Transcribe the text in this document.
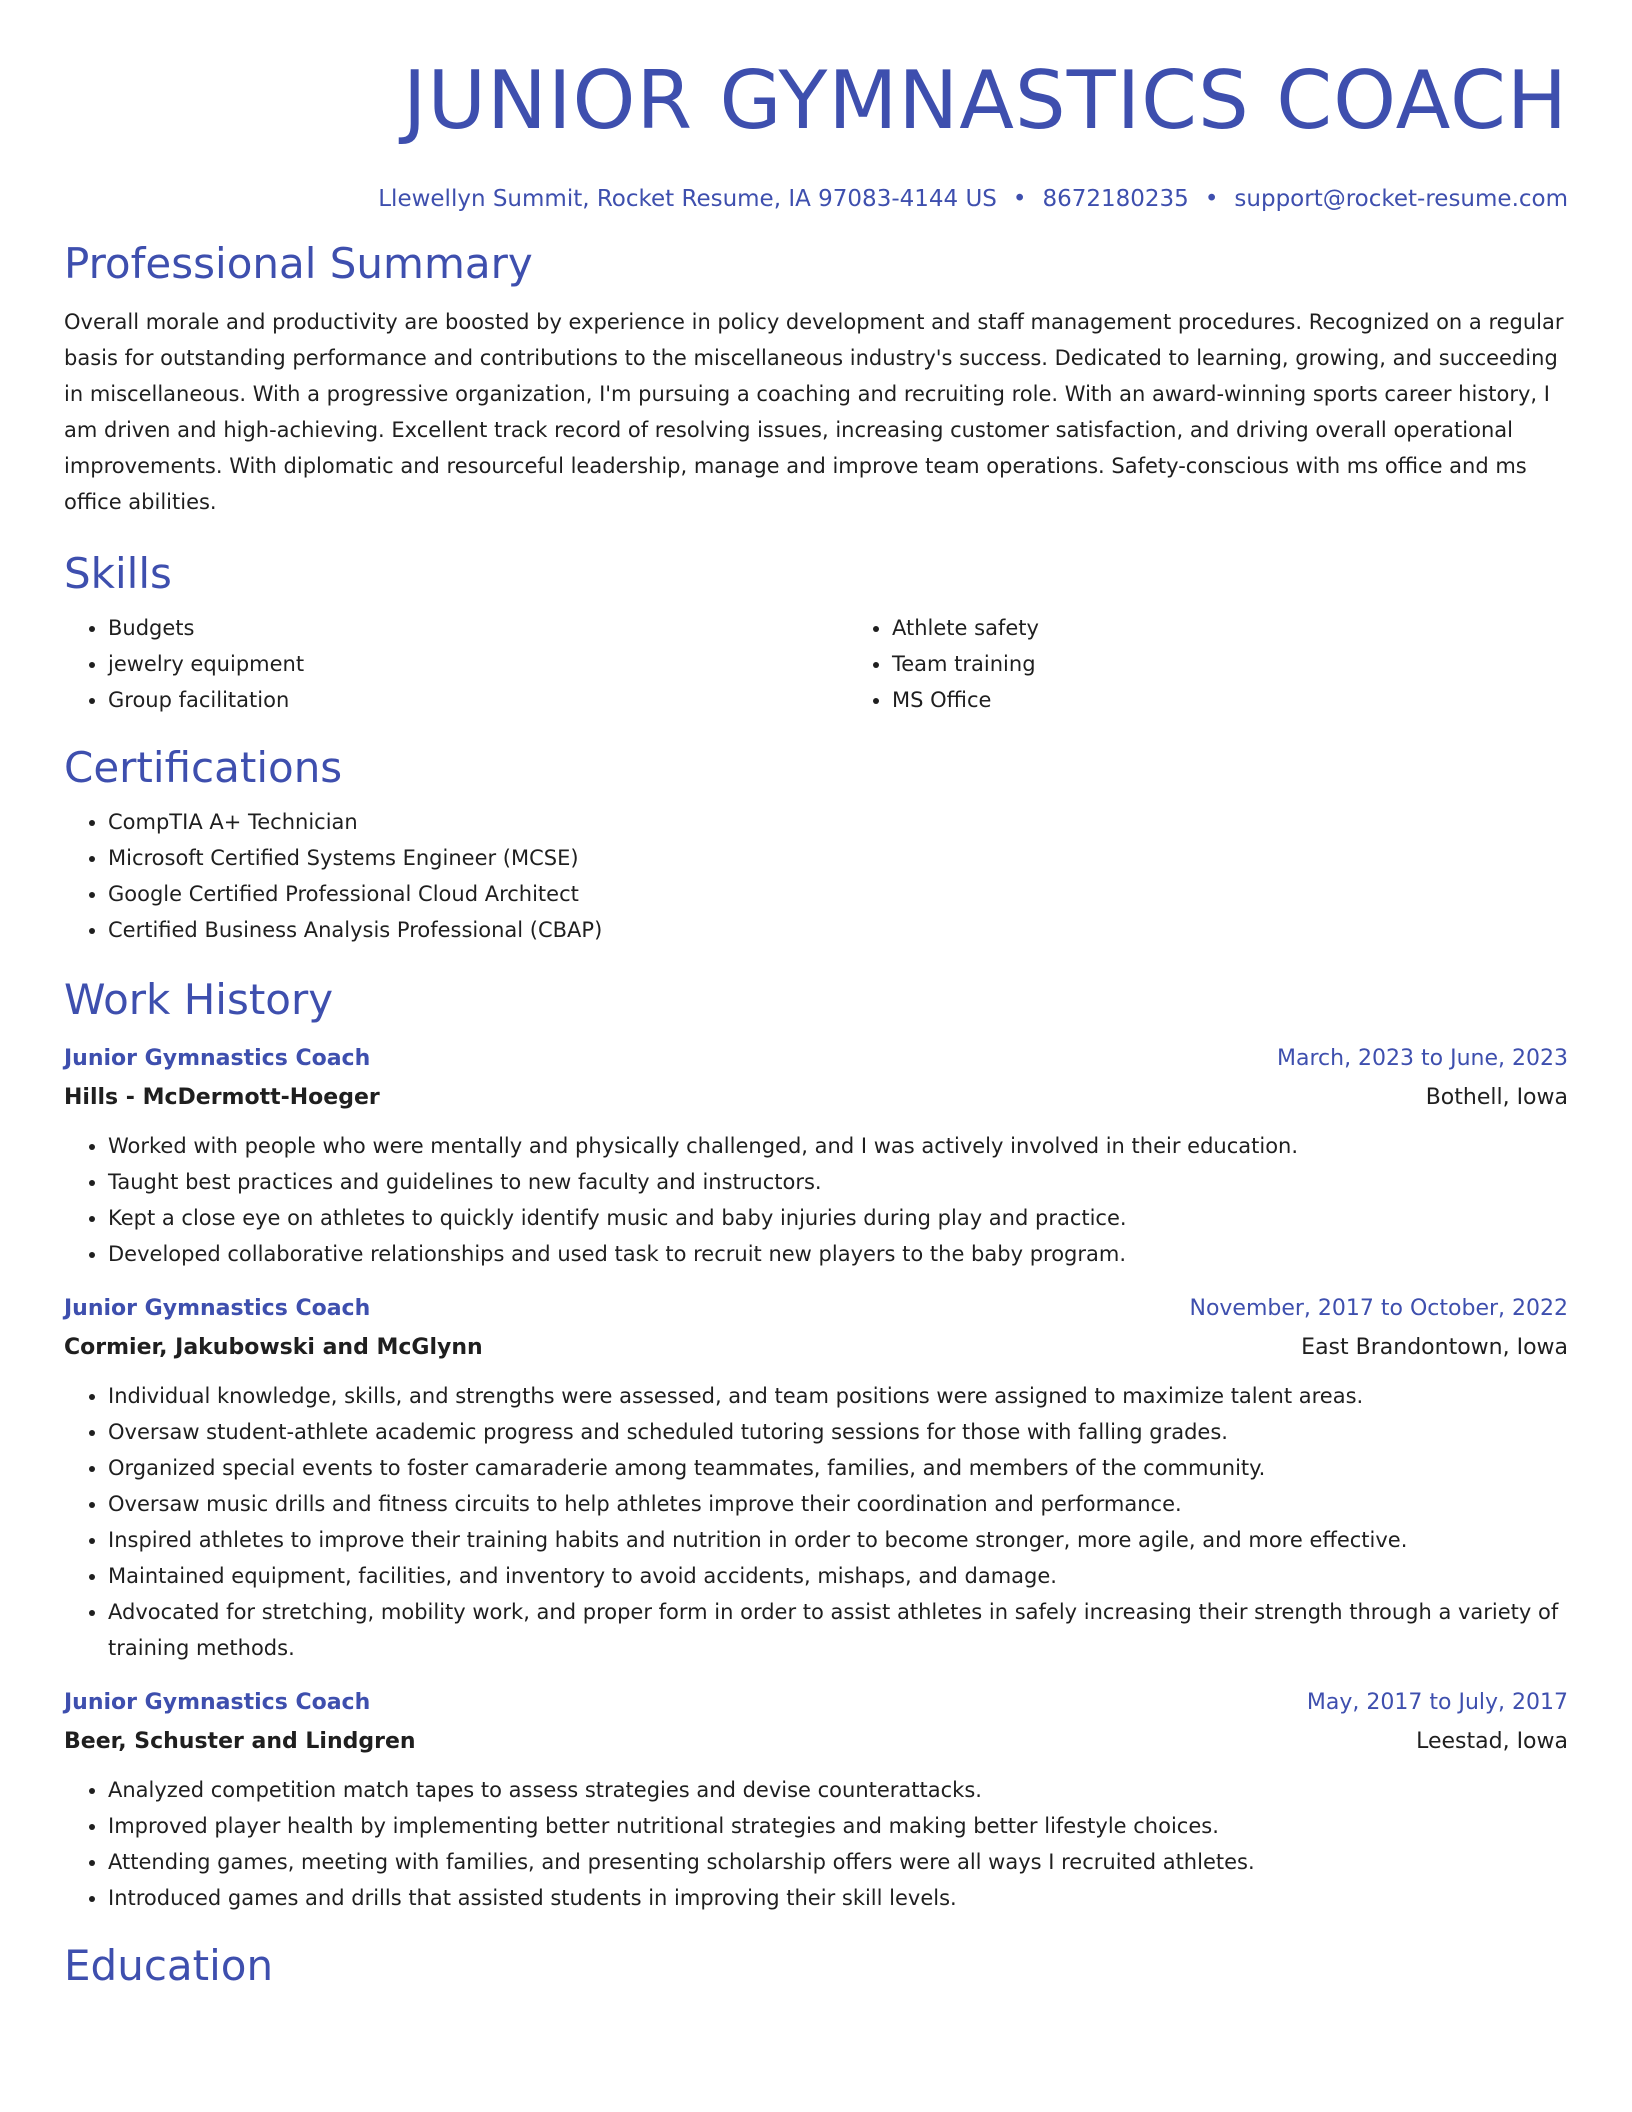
JUNIOR GYMNASTICS COACH
Llewellyn Summit, Rocket Resume, IA 97083-4144 US • 8672180235 • support@rocket-resume.com
Professional Summary
Overall morale and productivity are boosted by experience in policy development and staff management procedures. Recognized on a regular basis for outstanding performance and contributions to the miscellaneous industry's success. Dedicated to learning, growing, and succeeding in miscellaneous. With a progressive organization, I'm pursuing a coaching and recruiting role. With an award-winning sports career history, I am driven and high-achieving. Excellent track record of resolving issues, increasing customer satisfaction, and driving overall operational improvements. With diplomatic and resourceful leadership, manage and improve team operations. Safety-conscious with ms office and ms office abilities.
Skills
• Budgets
• jewelry equipment
• Group facilitation
• Athlete safety
• Team training
• MS Office
Certifications
• CompTIA A+ Technician
• Microsoft Certified Systems Engineer (MCSE)
• Google Certified Professional Cloud Architect
• Certified Business Analysis Professional (CBAP)
Work History
Junior Gymnastics Coach	March, 2023 to June, 2023
Hills - McDermott-Hoeger	Bothell, Iowa
• Worked with people who were mentally and physically challenged, and I was actively involved in their education.
• Taught best practices and guidelines to new faculty and instructors.
• Kept a close eye on athletes to quickly identify music and baby injuries during play and practice.
• Developed collaborative relationships and used task to recruit new players to the baby program.
Junior Gymnastics Coach	November, 2017 to October, 2022
Cormier, Jakubowski and McGlynn	East Brandontown, Iowa
• Individual knowledge, skills, and strengths were assessed, and team positions were assigned to maximize talent areas.
• Oversaw student-athlete academic progress and scheduled tutoring sessions for those with falling grades.
• Organized special events to foster camaraderie among teammates, families, and members of the community.
• Oversaw music drills and fitness circuits to help athletes improve their coordination and performance.
• Inspired athletes to improve their training habits and nutrition in order to become stronger, more agile, and more effective.
• Maintained equipment, facilities, and inventory to avoid accidents, mishaps, and damage.
• Advocated for stretching, mobility work, and proper form in order to assist athletes in safely increasing their strength through a variety of training methods.
Junior Gymnastics Coach	May, 2017 to July, 2017
Beer, Schuster and Lindgren	Leestad, Iowa
• Analyzed competition match tapes to assess strategies and devise counterattacks.
• Improved player health by implementing better nutritional strategies and making better lifestyle choices.
• Attending games, meeting with families, and presenting scholarship offers were all ways I recruited athletes.
• Introduced games and drills that assisted students in improving their skill levels.
Education
